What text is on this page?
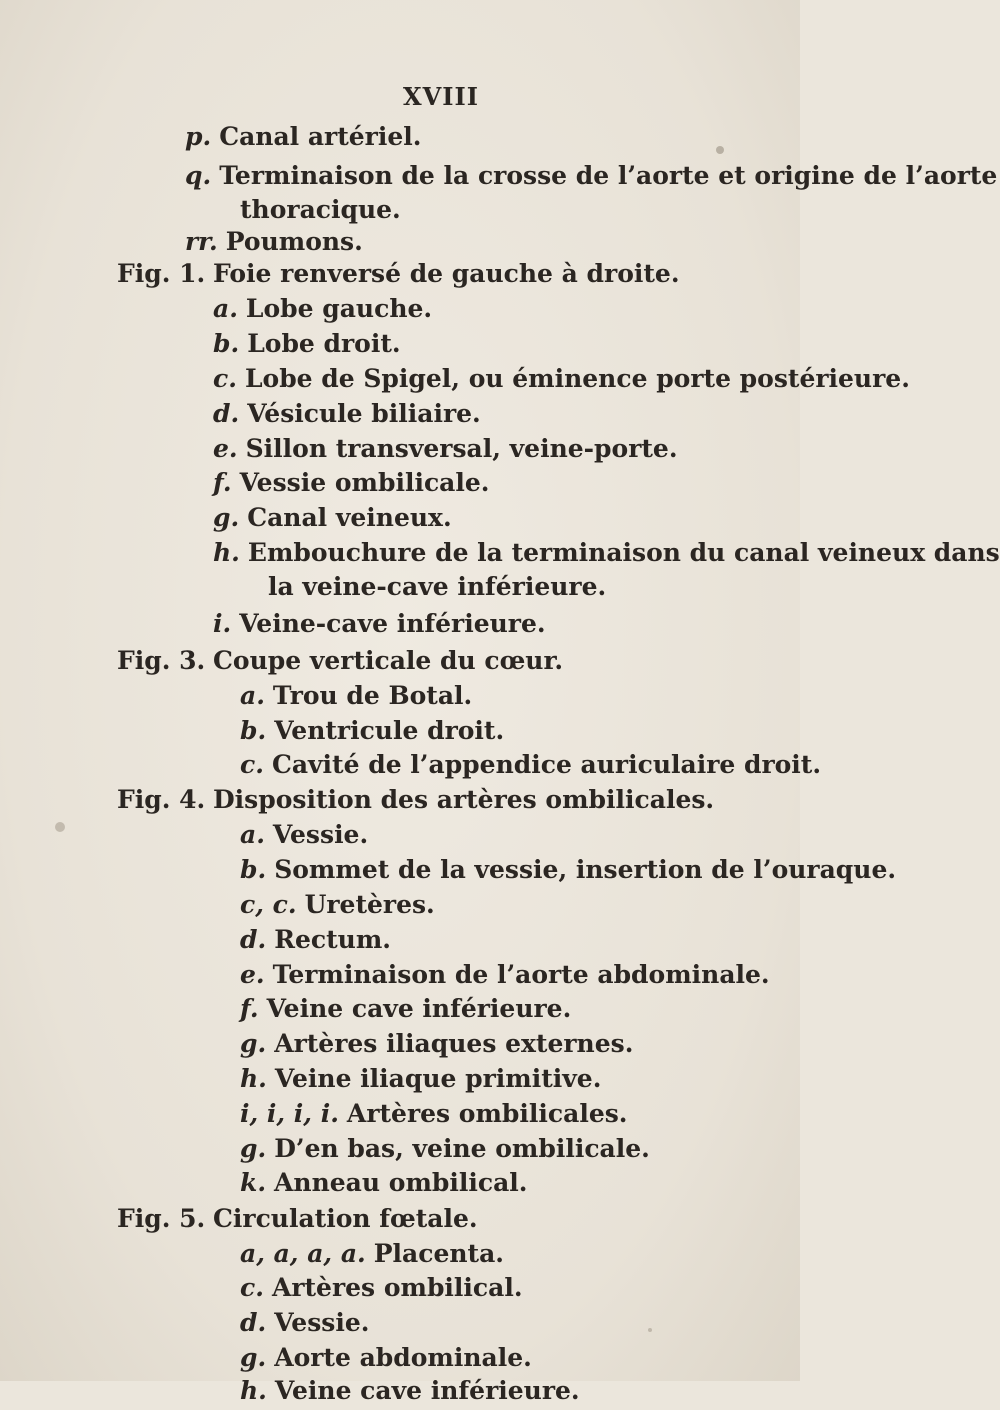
XVIII
p. Canal artériel.
q. Terminaison de la crosse de l’aorte et origine de l’aorte
thoracique.
rr. Poumons.
Fig. 1. Foie renversé de gauche à droite.
a. Lobe gauche.
b. Lobe droit.
c. Lobe de Spigel, ou éminence porte postérieure.
d. Vésicule biliaire.
e. Sillon transversal, veine-porte.
f. Vessie ombilicale.
g. Canal veineux.
h. Embouchure de la terminaison du canal veineux dans
la veine-cave inférieure.
i. Veine-cave inférieure.
Fig. 3. Coupe verticale du cœur.
a. Trou de Botal.
b. Ventricule droit.
c. Cavité de l’appendice auriculaire droit.
Fig. 4. Disposition des artères ombilicales.
a. Vessie.
b. Sommet de la vessie, insertion de l’ouraque.
c, c. Uretères.
d. Rectum.
e. Terminaison de l’aorte abdominale.
f. Veine cave inférieure.
g. Artères iliaques externes.
h. Veine iliaque primitive.
i, i, i, i. Artères ombilicales.
g. D’en bas, veine ombilicale.
k. Anneau ombilical.
Fig. 5. Circulation fœtale.
a, a, a, a. Placenta.
c. Artères ombilical.
d. Vessie.
g. Aorte abdominale.
h. Veine cave inférieure.
